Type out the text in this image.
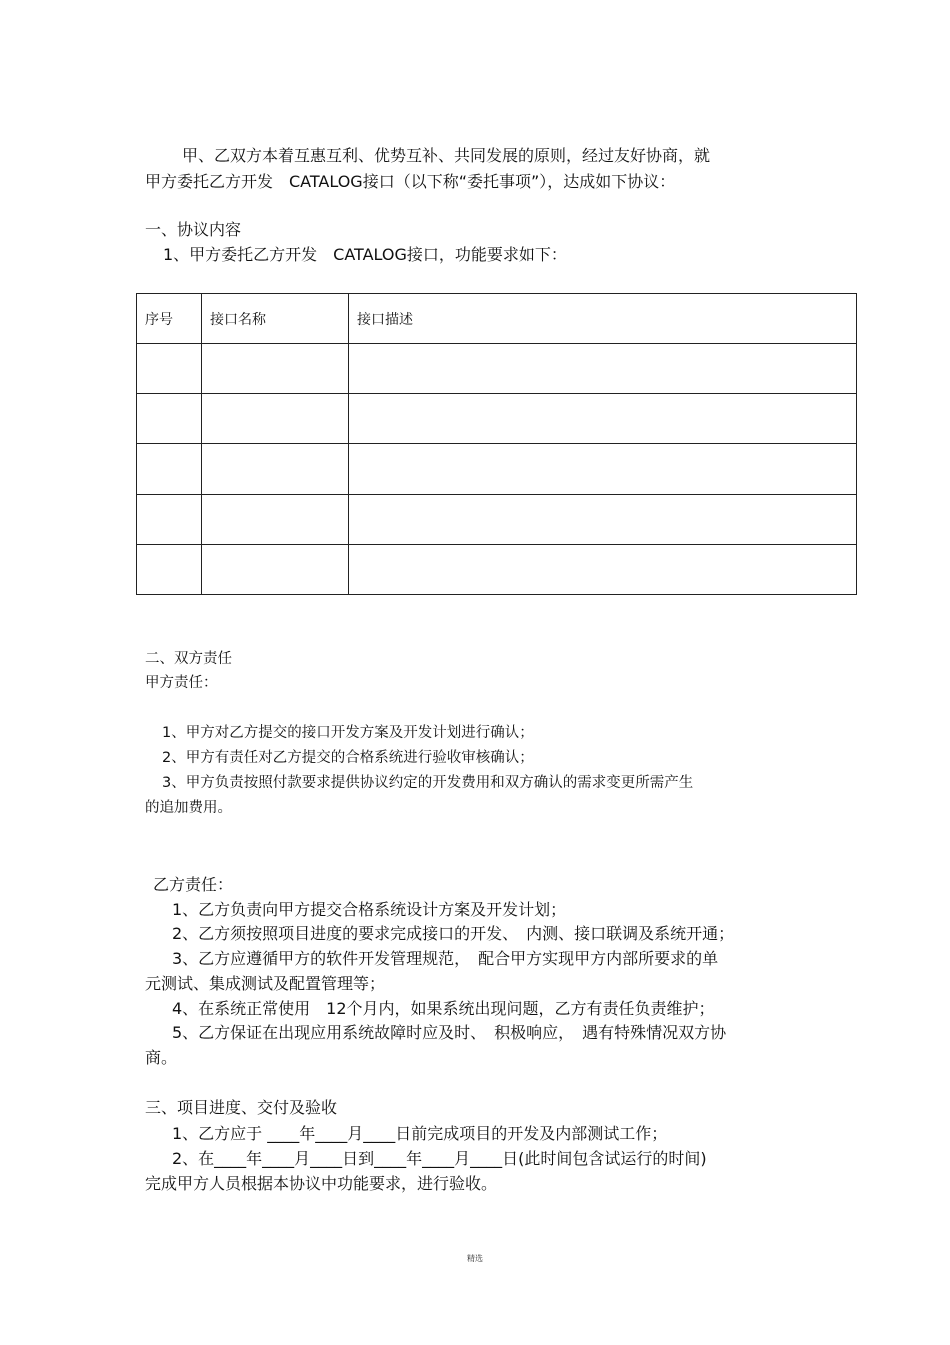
甲、乙双方本着互惠互利、优势互补、共同发展的原则，经过友好协商，就

甲方委托乙方开发　CATALOG接口（以下称“委托事项”），达成如下协议：

一、协议内容

1、甲方委托乙方开发　CATALOG接口，功能要求如下：

序号	接口名称	接口描述

二、双方责任

甲方责任：

1、甲方对乙方提交的接口开发方案及开发计划进行确认；

2、甲方有责任对乙方提交的合格系统进行验收审核确认；

3、甲方负责按照付款要求提供协议约定的开发费用和双方确认的需求变更所需产生

的追加费用。

乙方责任：

1、乙方负责向甲方提交合格系统设计方案及开发计划；

2、乙方须按照项目进度的要求完成接口的开发、　内测、接口联调及系统开通；

3、乙方应遵循甲方的软件开发管理规范，　配合甲方实现甲方内部所要求的单

元测试、集成测试及配置管理等；

4、在系统正常使用　12个月内，如果系统出现问题，乙方有责任负责维护；

5、乙方保证在出现应用系统故障时应及时、　积极响应，　遇有特殊情况双方协

商。

三、项目进度、交付及验收

1、乙方应于 ____年____月____日前完成项目的开发及内部测试工作；

2、在____年____月____日到____年____月____日(此时间包含试运行的时间)

完成甲方人员根据本协议中功能要求，进行验收。

精选
